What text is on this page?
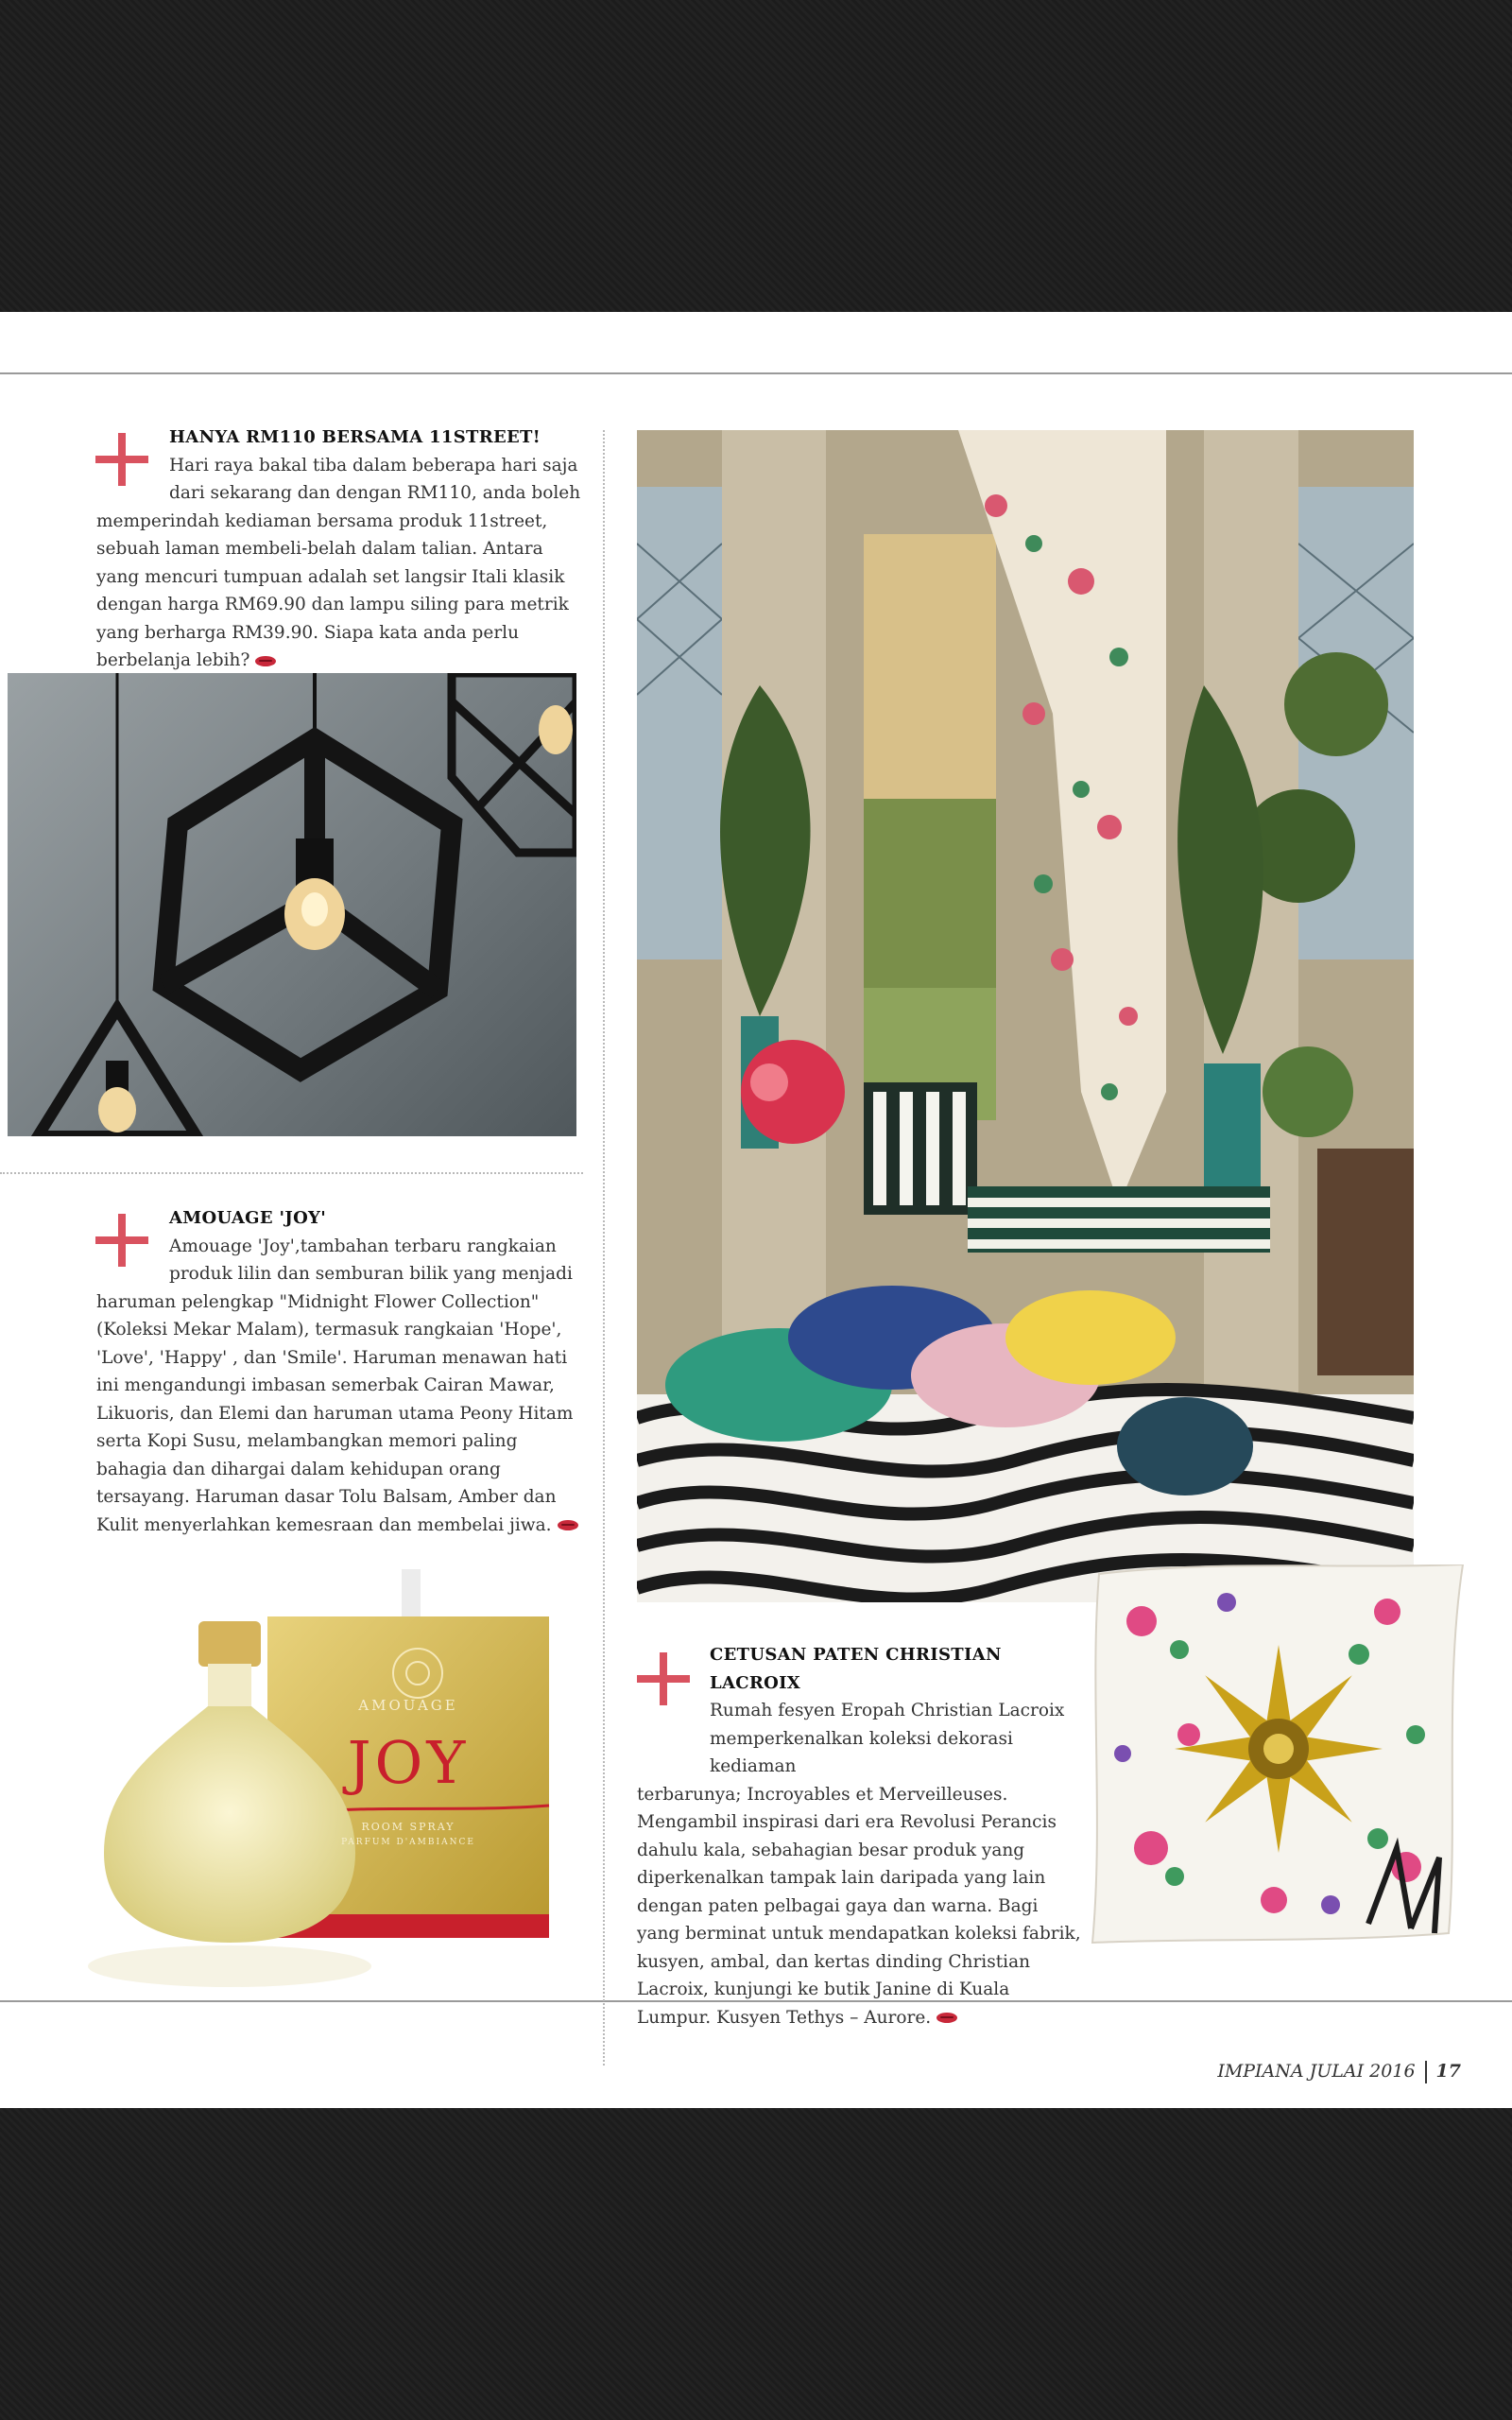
HANYA RM110 BERSAMA 11STREET!

Hari raya bakal tiba dalam beberapa hari saja dari sekarang dan dengan RM110, anda boleh

memperindah kediaman bersama produk 11street, sebuah laman membeli-belah dalam talian. Antara yang mencuri tumpuan adalah set langsir Itali klasik dengan harga RM69.90 dan lampu siling para metrik yang berharga RM39.90. Siapa kata anda perlu berbelanja lebih?

AMOUAGE 'JOY'

Amouage 'Joy',tambahan terbaru rangkaian produk lilin dan semburan bilik yang menjadi

haruman pelengkap "Midnight Flower Collection" (Koleksi Mekar Malam), termasuk rangkaian 'Hope', 'Love', 'Happy' , dan 'Smile'. Haruman menawan hati ini mengandungi imbasan semerbak Cairan Mawar, Likuoris, dan Elemi dan haruman utama Peony Hitam serta Kopi Susu, melambangkan memori paling bahagia dan dihargai dalam kehidupan orang tersayang. Haruman dasar Tolu Balsam, Amber dan Kulit menyerlahkan kemesraan dan membelai jiwa.

AMOUAGE
JOY
ROOM SPRAY
PARFUM D'AMBIANCE
CETUSAN PATEN CHRISTIAN LACROIX

Rumah fesyen Eropah Christian Lacroix memperkenalkan koleksi dekorasi kediaman

terbarunya; Incroyables et Merveilleuses. Mengambil inspirasi dari era Revolusi Perancis dahulu kala, sebahagian besar produk yang diperkenalkan tampak lain daripada yang lain dengan paten pelbagai gaya dan warna. Bagi yang berminat untuk mendapatkan koleksi fabrik, kusyen, ambal, dan kertas dinding Christian Lacroix, kunjungi ke butik Janine di Kuala Lumpur. Kusyen Tethys – Aurore.

IMPIANA JULAI 2016 17
